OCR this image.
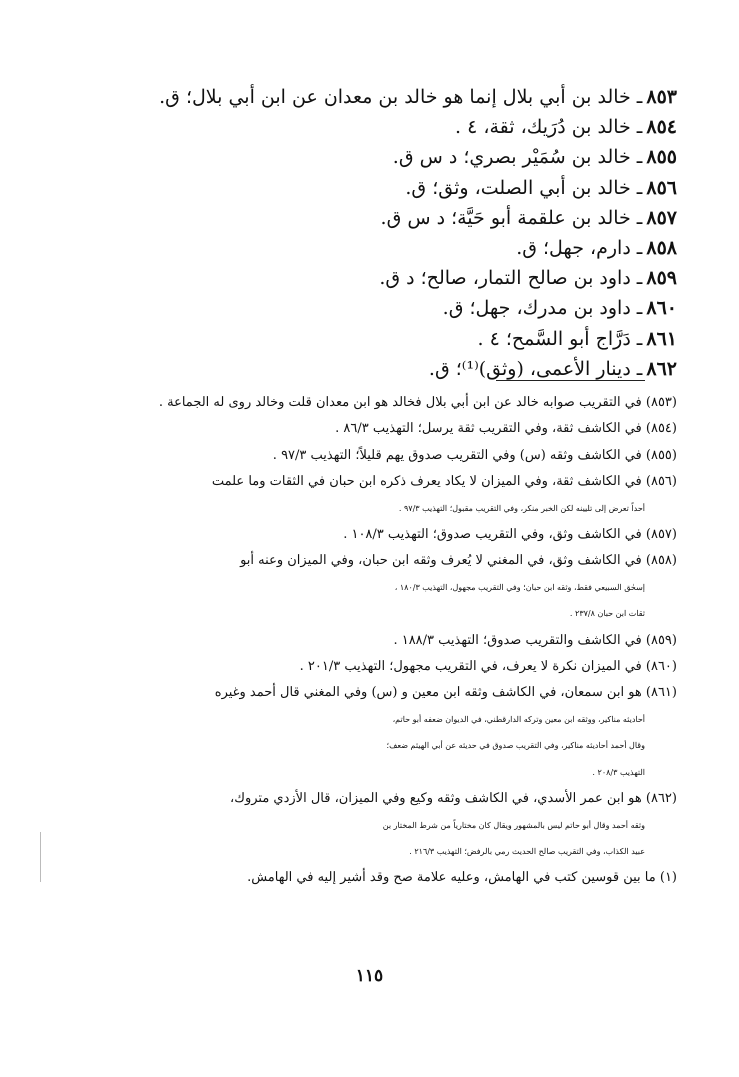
٨٥٣
ـ
خالد بن أبي بلال إنما هو خالد بن معدان عن ابن أبي بلال؛ ق.
٨٥٤
ـ
خالد بن دُرَيك، ثقة، ٤ .
٨٥٥
ـ
خالد بن سُمَيْر بصري؛ د س ق.
٨٥٦
ـ
خالد بن أبي الصلت، وثق؛ ق.
٨٥٧
ـ
خالد بن علقمة أبو حَيَّة؛ د س ق.
٨٥٨
ـ
دارم، جهل؛ ق.
٨٥٩
ـ
داود بن صالح التمار، صالح؛ د ق.
٨٦٠
ـ
داود بن مدرك، جهل؛ ق.
٨٦١
ـ
دَرَّاج أبو السَّمح؛ ٤ .
٨٦٢
ـ
دينار الأعمى، (وثق)⁽¹⁾؛ ق.

(٨٥٣) في التقريب صوابه خالد عن ابن أبي بلال فخالد هو ابن معدان قلت وخالد روى له الجماعة .

(٨٥٤) في الكاشف ثقة، وفي التقريب ثقة يرسل؛ التهذيب ٨٦/٣ .

(٨٥٥) في الكاشف وثقه (س) وفي التقريب صدوق يهم قليلاً؛ التهذيب ٩٧/٣ .

(٨٥٦) في الكاشف ثقة، وفي الميزان لا يكاد يعرف ذكره ابن حبان في الثقات وما علمت
أحداً تعرض إلى تليينه لكن الخبر منكر، وفي التقريب مقبول؛ التهذيب ٩٧/٣ .

(٨٥٧) في الكاشف وثق، وفي التقريب صدوق؛ التهذيب ١٠٨/٣ .

(٨٥٨) في الكاشف وثق، في المغني لا يُعرف وثقه ابن حبان، وفي الميزان وعنه أبو
إسحٰق السبيعي فقط، وثقه ابن حبان؛ وفي التقريب مجهول، التهذيب ١٨٠/٣ ،
ثقات ابن حبان ٢٣٧/٨ .

(٨٥٩) في الكاشف والتقريب صدوق؛ التهذيب ١٨٨/٣ .

(٨٦٠) في الميزان نكرة لا يعرف، في التقريب مجهول؛ التهذيب ٢٠١/٣ .

(٨٦١) هو ابن سمعان، في الكاشف وثقه ابن معين و (س) وفي المغني قال أحمد وغيره
أحاديثه مناكير، ووثقه ابن معين وتركه الدارقطني، في الديوان ضعفه أبو حاتم،
وقال أحمد أحاديثه مناكير، وفي التقريب صدوق في حديثه عن أبي الهيثم ضعف؛
التهذيب ٢٠٨/٣ .

(٨٦٢) هو ابن عمر الأسدي، في الكاشف وثقه وكيع وفي الميزان، قال الأزدي متروك،
وثقه أحمد وقال أبو حاتم ليس بالمشهور ويقال كان مختارياً من شرط المختار بن
عبيد الكذاب، وفي التقريب صالح الحديث رمي بالرفض؛ التهذيب ٢١٦/٣ .

(١) ما بين قوسين كتب في الهامش، وعليه علامة صح وقد أشير إليه في الهامش.

١١٥
